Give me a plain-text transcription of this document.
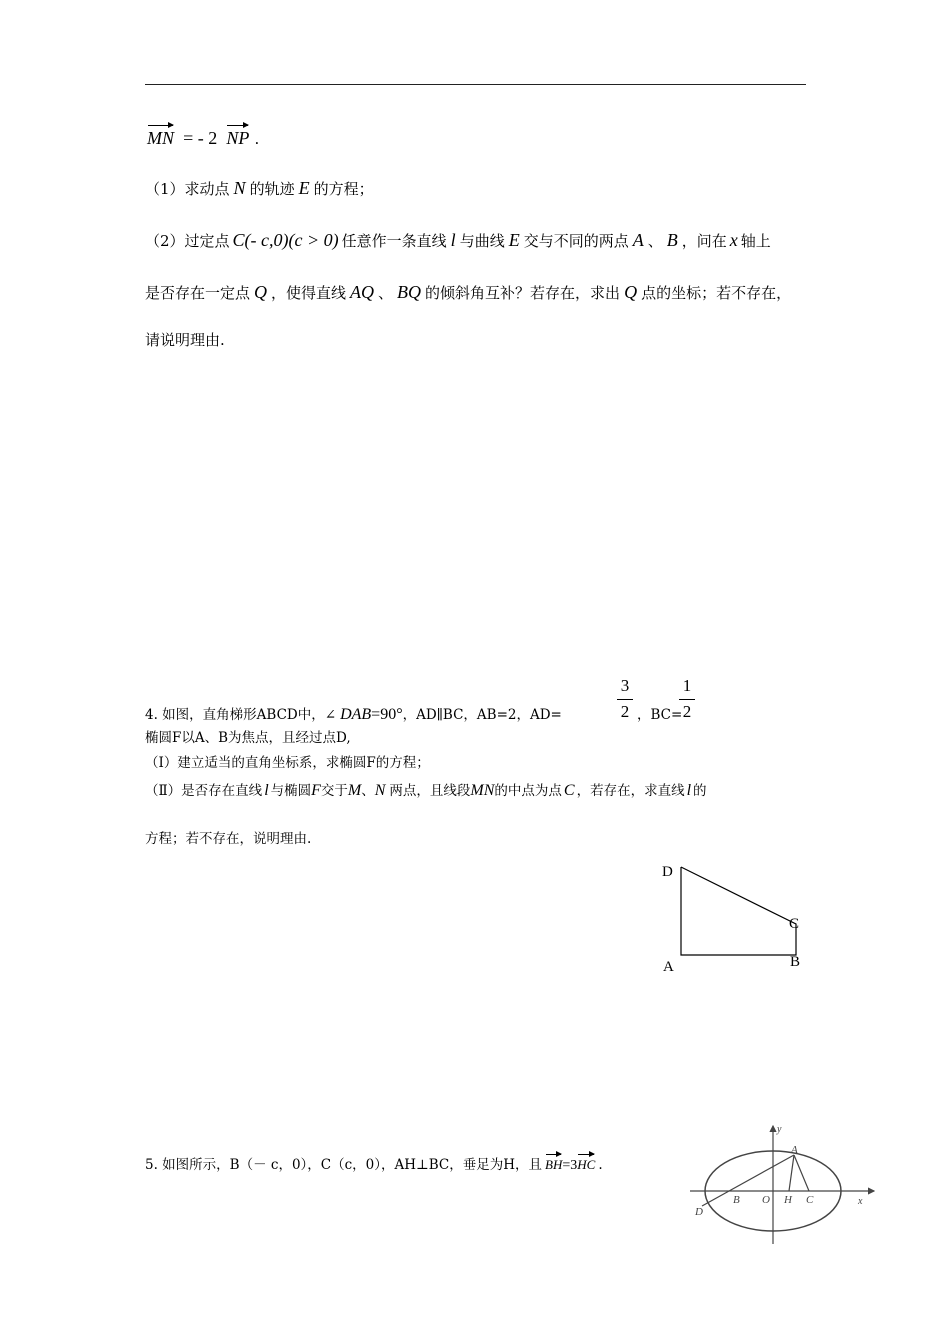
MN = - 2 NP .
（1）求动点 N 的轨迹 E 的方程；
（2）过定点 C(- c,0)(c > 0) 任意作一条直线 l 与曲线 E 交与不同的两点 A 、 B ，问在 x 轴上
是否存在一定点 Q ，使得直线 AQ 、 BQ 的倾斜角互补？若存在，求出 Q 点的坐标；若不存在，
请说明理由.
4. 如图，直角梯形ABCD中，∠ DAB=90°，AD∥BC，AB=2，AD=
3
2 ，BC=
1
2
椭圆F以A、B为焦点，且经过点D,
（Ⅰ）建立适当的直角坐标系，求椭圆F的方程；
（Ⅱ）是否存在直线 l 与椭圆F交于M、N 两点，且线段MN的中点为点 C ，若存在，求直线 l 的
方程；若不存在，说明理由.
D
C
A	B
5. 如图所示，B（－ c，0），C（c，0），AH⊥BC，垂足为H，且 BH=3HC .
y
x
A
D
B O H C
